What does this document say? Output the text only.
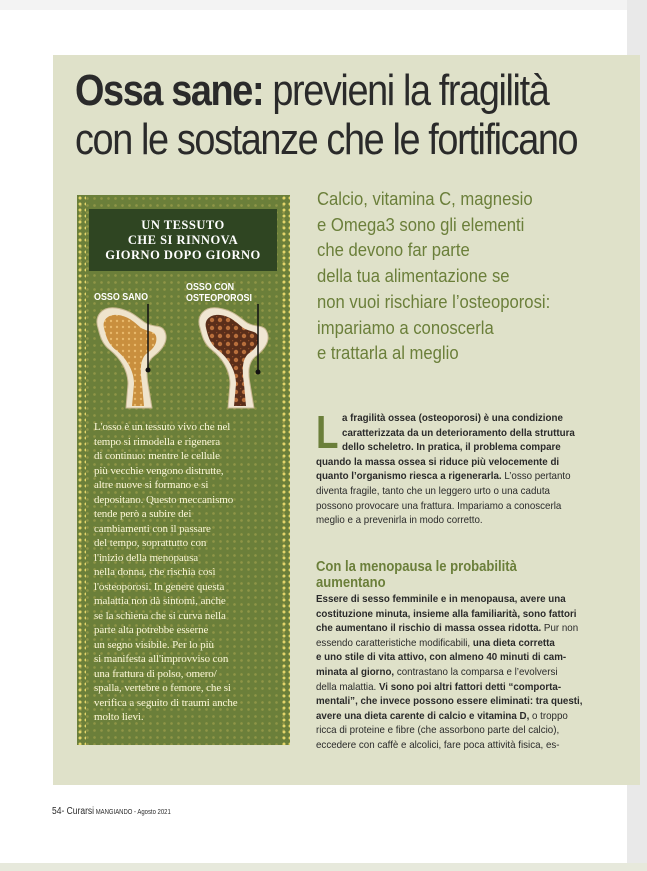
Ossa sane: previeni la fragilità
con le sostanze che le fortificano
UN TESSUTO
CHE SI RINNOVA
GIORNO DOPO GIORNO
OSSO SANO
OSSO CON
OSTEOPOROSI

L'osso è un tessuto vivo che nel

tempo si rimodella e rigenera

di continuo: mentre le cellule

più vecchie vengono distrutte,

altre nuove si formano e si

depositano. Questo meccanismo

tende però a subire dei

cambiamenti con il passare

del tempo, soprattutto con

l'inizio della menopausa

nella donna, che rischia così

l'osteoporosi. In genere questa

malattia non dà sintomi, anche

se la schiena che si curva nella

parte alta potrebbe esserne

un segno visibile. Per lo più

si manifesta all'improvviso con

una frattura di polso, omero/

spalla, vertebre o femore, che si

verifica a seguito di traumi anche

molto lievi.

Calcio, vitamina C, magnesio

e Omega3 sono gli elementi

che devono far parte

della tua alimentazione se

non vuoi rischiare l’osteoporosi:

impariamo a conoscerla

e trattarla al meglio

L a fragilità ossea (osteoporosi) è una condizione

caratterizzata da un deterioramento della struttura

dello scheletro. In pratica, il problema compare

quando la massa ossea si riduce più velocemente di

quanto l’organismo riesca a rigenerarla. L’osso pertanto

diventa fragile, tanto che un leggero urto o una caduta

possono provocare una frattura. Impariamo a conoscerla

meglio e a prevenirla in modo corretto.

Con la menopausa le probabilità

aumentano

Essere di sesso femminile e in menopausa, avere una

costituzione minuta, insieme alla familiarità, sono fattori

che aumentano il rischio di massa ossea ridotta. Pur non

essendo caratteristiche modificabili, una dieta corretta

e uno stile di vita attivo, con almeno 40 minuti di cam-

minata al giorno, contrastano la comparsa e l’evolversi

della malattia. Vi sono poi altri fattori detti “comporta-

mentali”, che invece possono essere eliminati: tra questi,

avere una dieta carente di calcio e vitamina D, o troppo

ricca di proteine e fibre (che assorbono parte del calcio),

eccedere con caffè e alcolici, fare poca attività fisica, es-

54- Curarsi MANGIANDO - Agosto 2021
